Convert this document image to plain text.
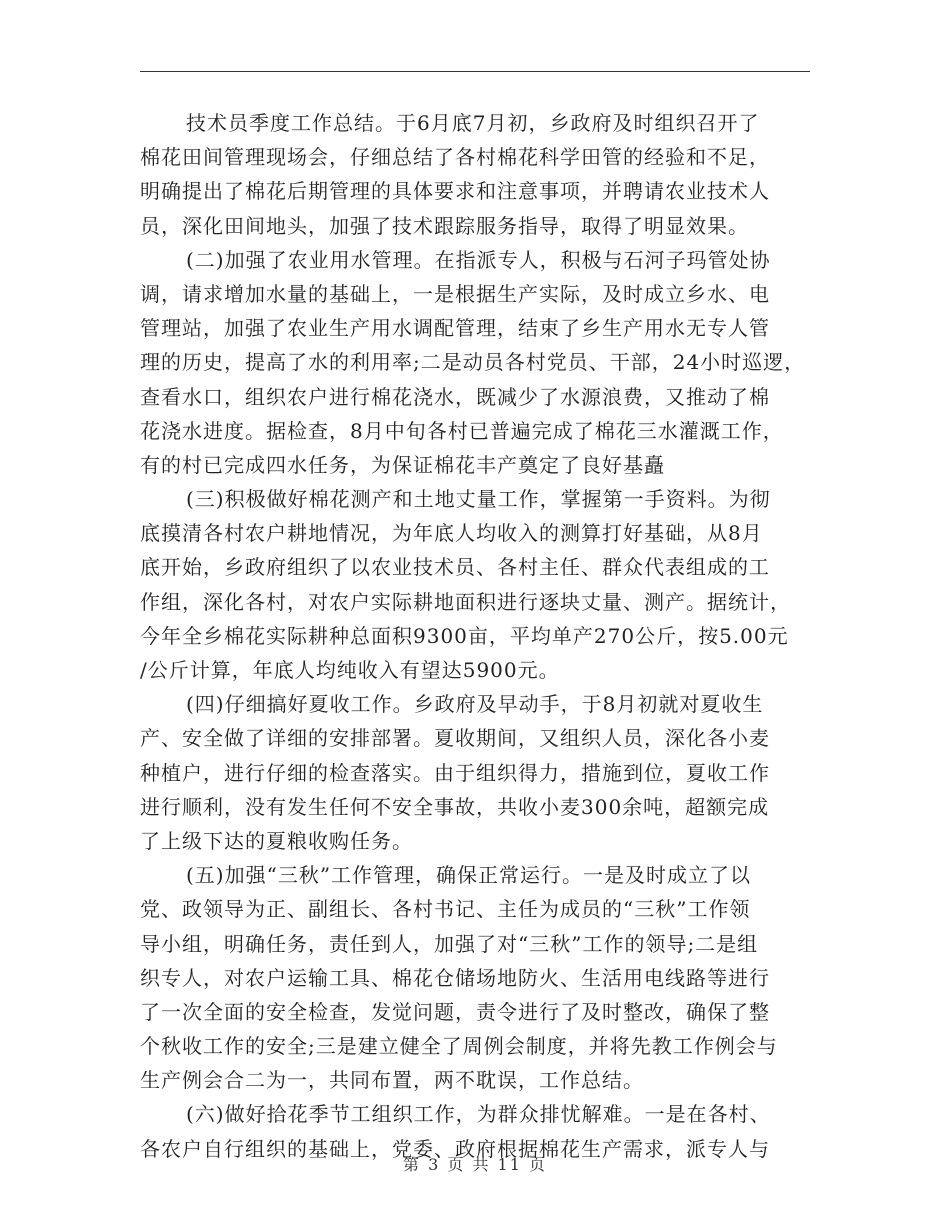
技术员季度工作总结。于6月底7月初，乡政府及时组织召开了
棉花田间管理现场会，仔细总结了各村棉花科学田管的经验和不足，
明确提出了棉花后期管理的具体要求和注意事项，并聘请农业技术人
员，深化田间地头，加强了技术跟踪服务指导，取得了明显效果。
(二)加强了农业用水管理。在指派专人，积极与石河子玛管处协
调，请求增加水量的基础上，一是根据生产实际，及时成立乡水、电
管理站，加强了农业生产用水调配管理，结束了乡生产用水无专人管
理的历史，提高了水的利用率;二是动员各村党员、干部，24小时巡逻，
查看水口，组织农户进行棉花浇水，既减少了水源浪费，又推动了棉
花浇水进度。据检查，8月中旬各村已普遍完成了棉花三水灌溉工作，
有的村已完成四水任务，为保证棉花丰产奠定了良好基矗
(三)积极做好棉花测产和土地丈量工作，掌握第一手资料。为彻
底摸清各村农户耕地情况，为年底人均收入的测算打好基础，从8月
底开始，乡政府组织了以农业技术员、各村主任、群众代表组成的工
作组，深化各村，对农户实际耕地面积进行逐块丈量、测产。据统计，
今年全乡棉花实际耕种总面积9300亩，平均单产270公斤，按5.00元
/公斤计算，年底人均纯收入有望达5900元。
(四)仔细搞好夏收工作。乡政府及早动手，于8月初就对夏收生
产、安全做了详细的安排部署。夏收期间，又组织人员，深化各小麦
种植户，进行仔细的检查落实。由于组织得力，措施到位，夏收工作
进行顺利，没有发生任何不安全事故，共收小麦300余吨，超额完成
了上级下达的夏粮收购任务。
(五)加强“三秋”工作管理，确保正常运行。一是及时成立了以
党、政领导为正、副组长、各村书记、主任为成员的“三秋”工作领
导小组，明确任务，责任到人，加强了对“三秋”工作的领导;二是组
织专人，对农户运输工具、棉花仓储场地防火、生活用电线路等进行
了一次全面的安全检查，发觉问题，责令进行了及时整改，确保了整
个秋收工作的安全;三是建立健全了周例会制度，并将先教工作例会与
生产例会合二为一，共同布置，两不耽误，工作总结。
(六)做好拾花季节工组织工作，为群众排忧解难。一是在各村、
各农户自行组织的基础上，党委、政府根据棉花生产需求，派专人与
第 3 页 共 11 页
